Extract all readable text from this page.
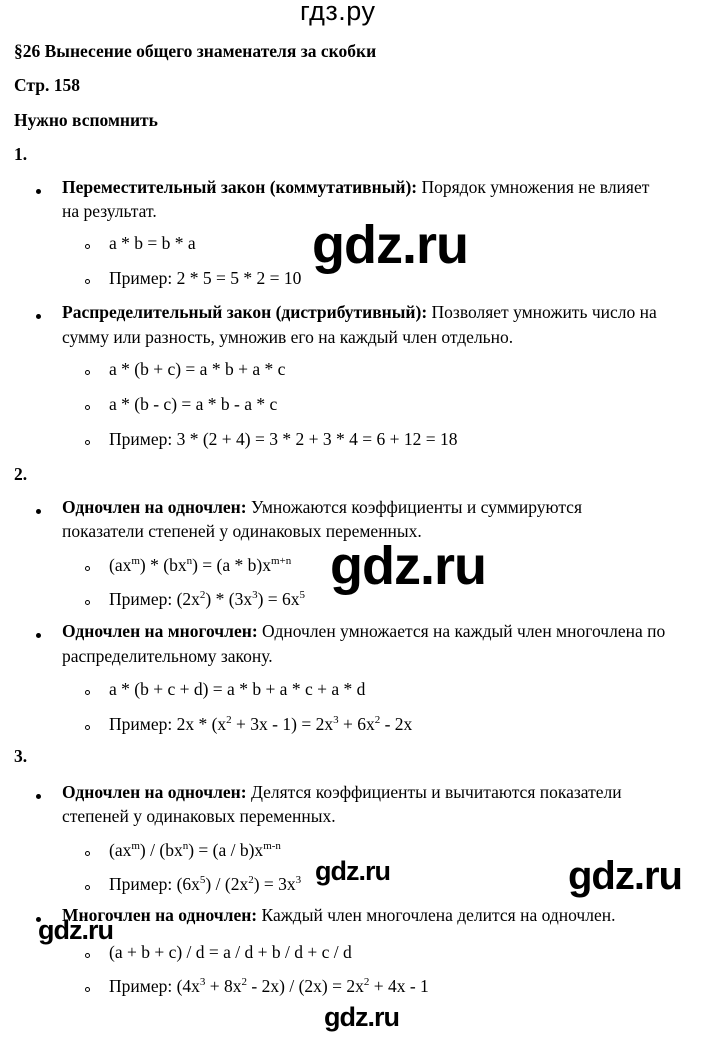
гдз.ру
§26 Вынесение общего знаменателя за скобки
Стр. 158
Нужно вспомнить
1.
Переместительный закон (коммутативный): Порядок умножения не влияет
на результат.
a * b = b * a
Пример: 2 * 5 = 5 * 2 = 10
Распределительный закон (дистрибутивный): Позволяет умножить число на
сумму или разность, умножив его на каждый член отдельно.
a * (b + c) = a * b + a * c
a * (b - c) = a * b - a * c
Пример: 3 * (2 + 4) = 3 * 2 + 3 * 4 = 6 + 12 = 18
2.
Одночлен на одночлен: Умножаются коэффициенты и суммируются
показатели степеней у одинаковых переменных.
$(ax^m) * (bx^n) = (a * b)x^{m+n}$
Пример: $(2x^2) * (3x^3) = 6x^5$
Одночлен на многочлен: Одночлен умножается на каждый член многочлена по
распределительному закону.
a * (b + c + d) = a * b + a * c + a * d
Пример: $2x * (x^2 + 3x - 1) = 2x^3 + 6x^2 - 2x$
3.
Одночлен на одночлен: Делятся коэффициенты и вычитаются показатели
степеней у одинаковых переменных.
$(ax^m) / (bx^n) = (a / b)x^{m-n}$
Пример: $(6x^5) / (2x^2) = 3x^3$
Многочлен на одночлен: Каждый член многочлена делится на одночлен.
(a + b + c) / d = a / d + b / d + c / d
Пример: $(4x^3 + 8x^2 - 2x) / (2x) = 2x^2 + 4x - 1$
gdz.ru
gdz.ru
gdz.ru	gdz.ru
gdz.ru
gdz.ru
